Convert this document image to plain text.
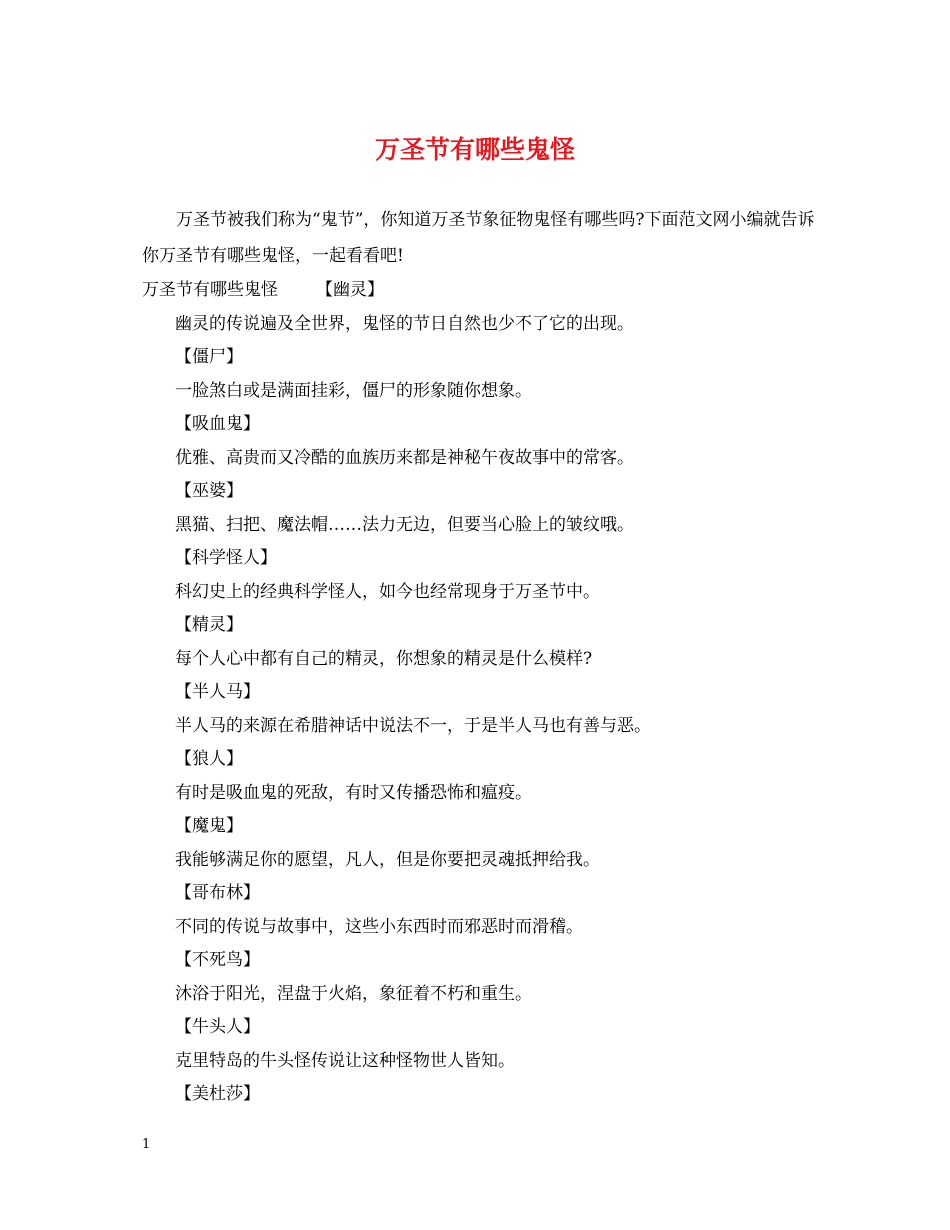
万圣节有哪些鬼怪

万圣节被我们称为“鬼节”，你知道万圣节象征物鬼怪有哪些吗?下面范文网小编就告诉你万圣节有哪些鬼怪，一起看看吧!

万圣节有哪些鬼怪 【幽灵】

幽灵的传说遍及全世界，鬼怪的节日自然也少不了它的出现。

【僵尸】

一脸煞白或是满面挂彩，僵尸的形象随你想象。

【吸血鬼】

优雅、高贵而又冷酷的血族历来都是神秘午夜故事中的常客。

【巫婆】

黑猫、扫把、魔法帽……法力无边，但要当心脸上的皱纹哦。

【科学怪人】

科幻史上的经典科学怪人，如今也经常现身于万圣节中。

【精灵】

每个人心中都有自己的精灵，你想象的精灵是什么模样?

【半人马】

半人马的来源在希腊神话中说法不一，于是半人马也有善与恶。

【狼人】

有时是吸血鬼的死敌，有时又传播恐怖和瘟疫。

【魔鬼】

我能够满足你的愿望，凡人，但是你要把灵魂抵押给我。

【哥布林】

不同的传说与故事中，这些小东西时而邪恶时而滑稽。

【不死鸟】

沐浴于阳光，涅盘于火焰，象征着不朽和重生。

【牛头人】

克里特岛的牛头怪传说让这种怪物世人皆知。

【美杜莎】

1
